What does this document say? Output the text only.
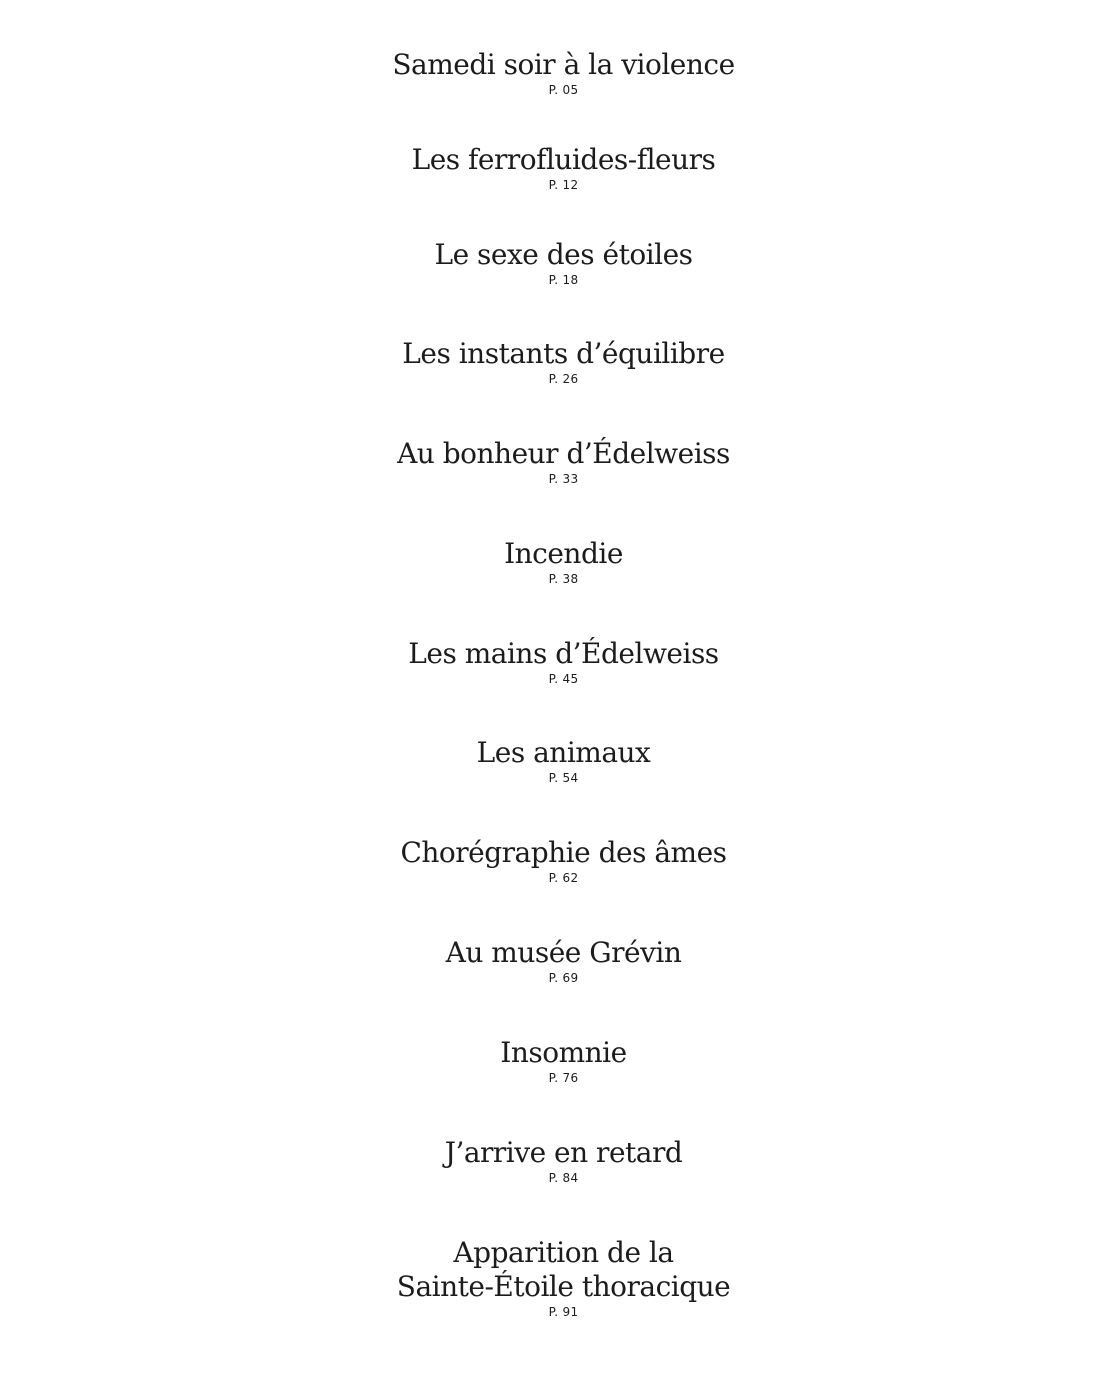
Samedi soir à la violence
P. 05
Les ferrofluides-fleurs
P. 12
Le sexe des étoiles
P. 18
Les instants d’équilibre
P. 26
Au bonheur d’Édelweiss
P. 33
Incendie
P. 38
Les mains d’Édelweiss
P. 45
Les animaux
P. 54
Chorégraphie des âmes
P. 62
Au musée Grévin
P. 69
Insomnie
P. 76
J’arrive en retard
P. 84
Apparition de la
Sainte-Étoile thoracique
P. 91
